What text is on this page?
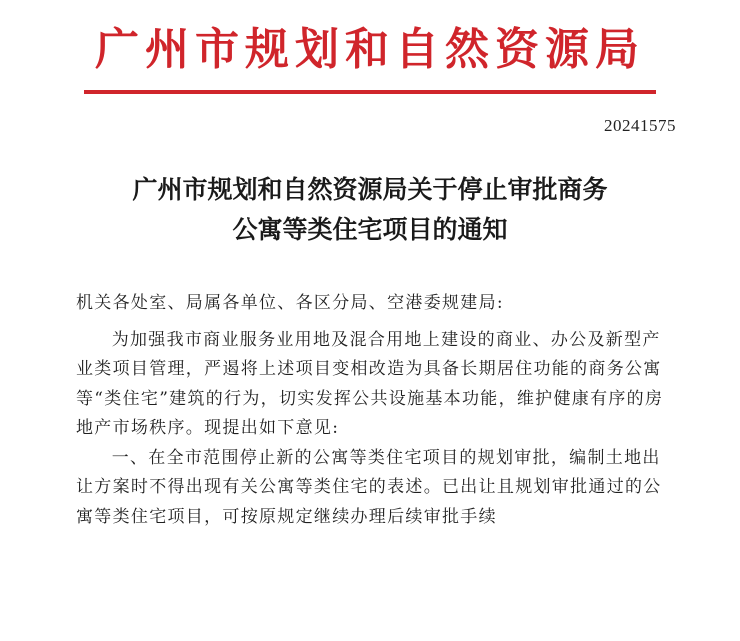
广州市规划和自然资源局
20241575
广州市规划和自然资源局关于停止审批商务
公寓等类住宅项目的通知

机关各处室、局属各单位、各区分局、空港委规建局:

为加强我市商业服务业用地及混合用地上建设的商业、办公及新型产业类项目管理，严遏将上述项目变相改造为具备长期居住功能的商务公寓等“类住宅”建筑的行为，切实发挥公共设施基本功能，维护健康有序的房地产市场秩序。现提出如下意见:

一、在全市范围停止新的公寓等类住宅项目的规划审批，编制土地出让方案时不得出现有关公寓等类住宅的表述。已出让且规划审批通过的公寓等类住宅项目，可按原规定继续办理后续审批手续
